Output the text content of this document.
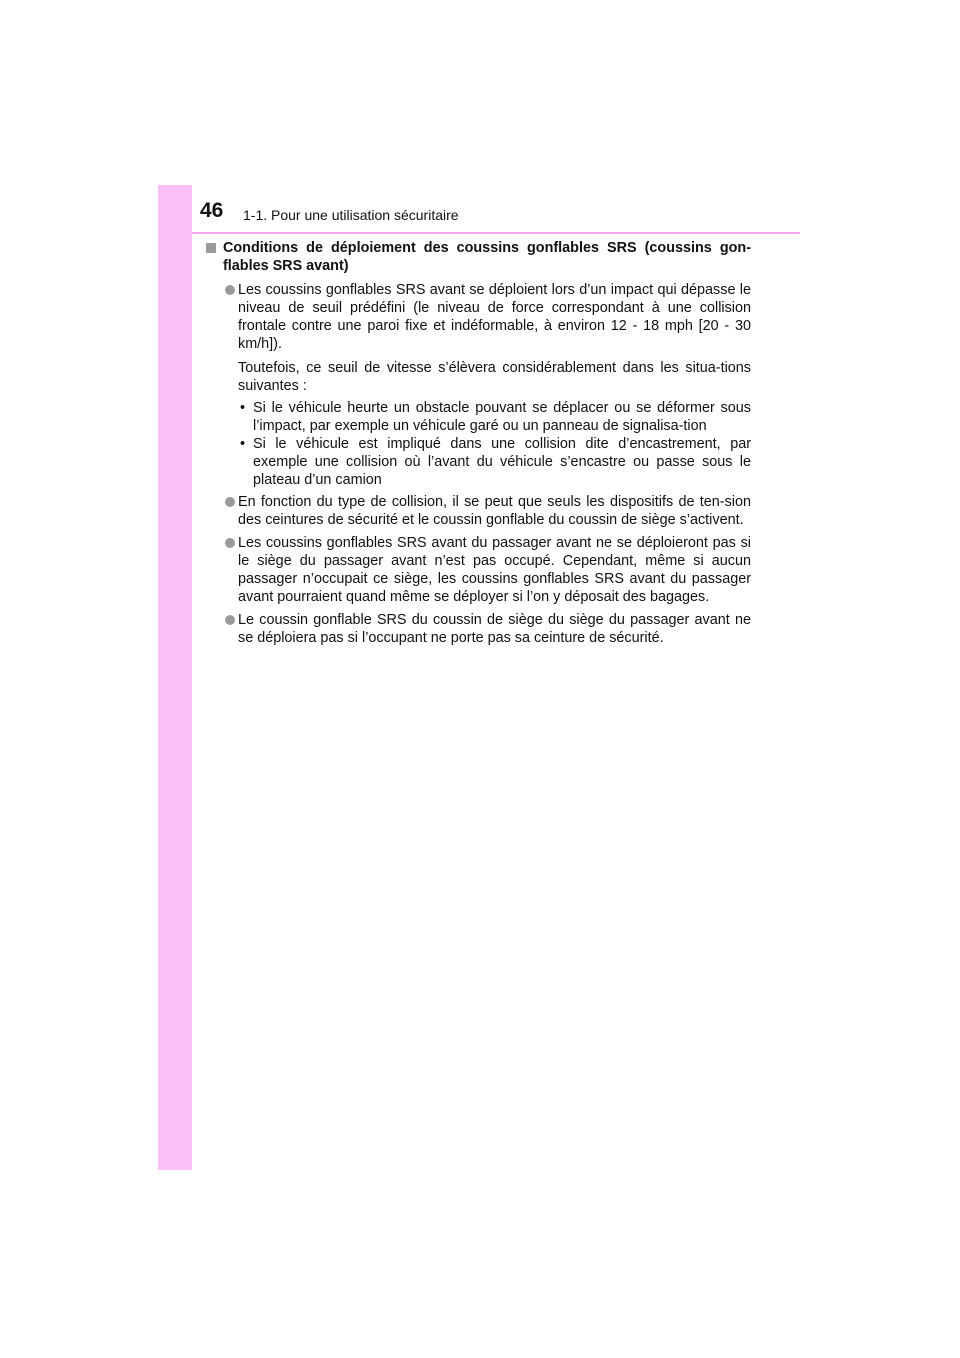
46 1-1. Pour une utilisation sécuritaire
Conditions de déploiement des coussins gonflables SRS (coussins gon-flables SRS avant)
Les coussins gonflables SRS avant se déploient lors d’un impact qui dépasse le niveau de seuil prédéfini (le niveau de force correspondant à une collision frontale contre une paroi fixe et indéformable, à environ 12 - 18 mph [20 - 30 km/h]).
Toutefois, ce seuil de vitesse s’élèvera considérablement dans les situa-tions suivantes :
• Si le véhicule heurte un obstacle pouvant se déplacer ou se déformer sous l’impact, par exemple un véhicule garé ou un panneau de signalisa-tion
• Si le véhicule est impliqué dans une collision dite d’encastrement, par exemple une collision où l’avant du véhicule s’encastre ou passe sous le plateau d’un camion
En fonction du type de collision, il se peut que seuls les dispositifs de ten-sion des ceintures de sécurité et le coussin gonflable du coussin de siège s’activent.
Les coussins gonflables SRS avant du passager avant ne se déploieront pas si le siège du passager avant n’est pas occupé. Cependant, même si aucun passager n’occupait ce siège, les coussins gonflables SRS avant du passager avant pourraient quand même se déployer si l’on y déposait des bagages.
Le coussin gonflable SRS du coussin de siège du siège du passager avant ne se déploiera pas si l’occupant ne porte pas sa ceinture de sécurité.
